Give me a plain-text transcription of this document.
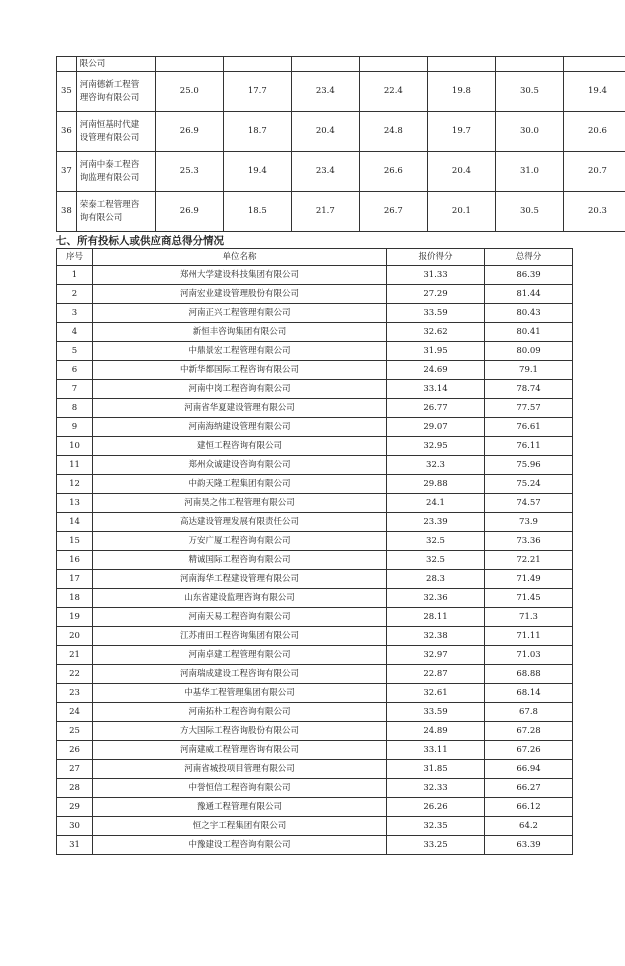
	限公司							

35	河南德新工程管
理咨询有限公司	25.0	17.7	23.4	22.4	19.8	30.5	19.4
36	河南恒基时代建
设管理有限公司	26.9	18.7	20.4	24.8	19.7	30.0	20.6
37	河南中泰工程咨
询监理有限公司	25.3	19.4	23.4	26.6	20.4	31.0	20.7
38	荣泰工程管理咨
询有限公司	26.9	18.5	21.7	26.7	20.1	30.5	20.3
七、所有投标人或供应商总得分情况
序号	单位名称	报价得分	总得分
1	郑州大学建设科技集团有限公司	31.33	86.39
2	河南宏业建设管理股份有限公司	27.29	81.44
3	河南正兴工程管理有限公司	33.59	80.43
4	新恒丰咨询集团有限公司	32.62	80.41
5	中鼎景宏工程管理有限公司	31.95	80.09
6	中新华都国际工程咨询有限公司	24.69	79.1
7	河南中岗工程咨询有限公司	33.14	78.74
8	河南省华夏建设管理有限公司	26.77	77.57
9	河南海纳建设管理有限公司	29.07	76.61
10	建恒工程咨询有限公司	32.95	76.11
11	郑州众诚建设咨询有限公司	32.3	75.96
12	中韵天隆工程集团有限公司	29.88	75.24
13	河南昊之伟工程管理有限公司	24.1	74.57
14	高达建设管理发展有限责任公司	23.39	73.9
15	万安广厦工程咨询有限公司	32.5	73.36
16	精诚国际工程咨询有限公司	32.5	72.21
17	河南海华工程建设管理有限公司	28.3	71.49
18	山东省建设监理咨询有限公司	32.36	71.45
19	河南天易工程咨询有限公司	28.11	71.3
20	江苏甫田工程咨询集团有限公司	32.38	71.11
21	河南卓建工程管理有限公司	32.97	71.03
22	河南瑞成建设工程咨询有限公司	22.87	68.88
23	中基华工程管理集团有限公司	32.61	68.14
24	河南拓朴工程咨询有限公司	33.59	67.8
25	方大国际工程咨询股份有限公司	24.89	67.28
26	河南建威工程管理咨询有限公司	33.11	67.26
27	河南省城投项目管理有限公司	31.85	66.94
28	中誉恒信工程咨询有限公司	32.33	66.27
29	豫通工程管理有限公司	26.26	66.12
30	恒之宇工程集团有限公司	32.35	64.2
31	中豫建设工程咨询有限公司	33.25	63.39
